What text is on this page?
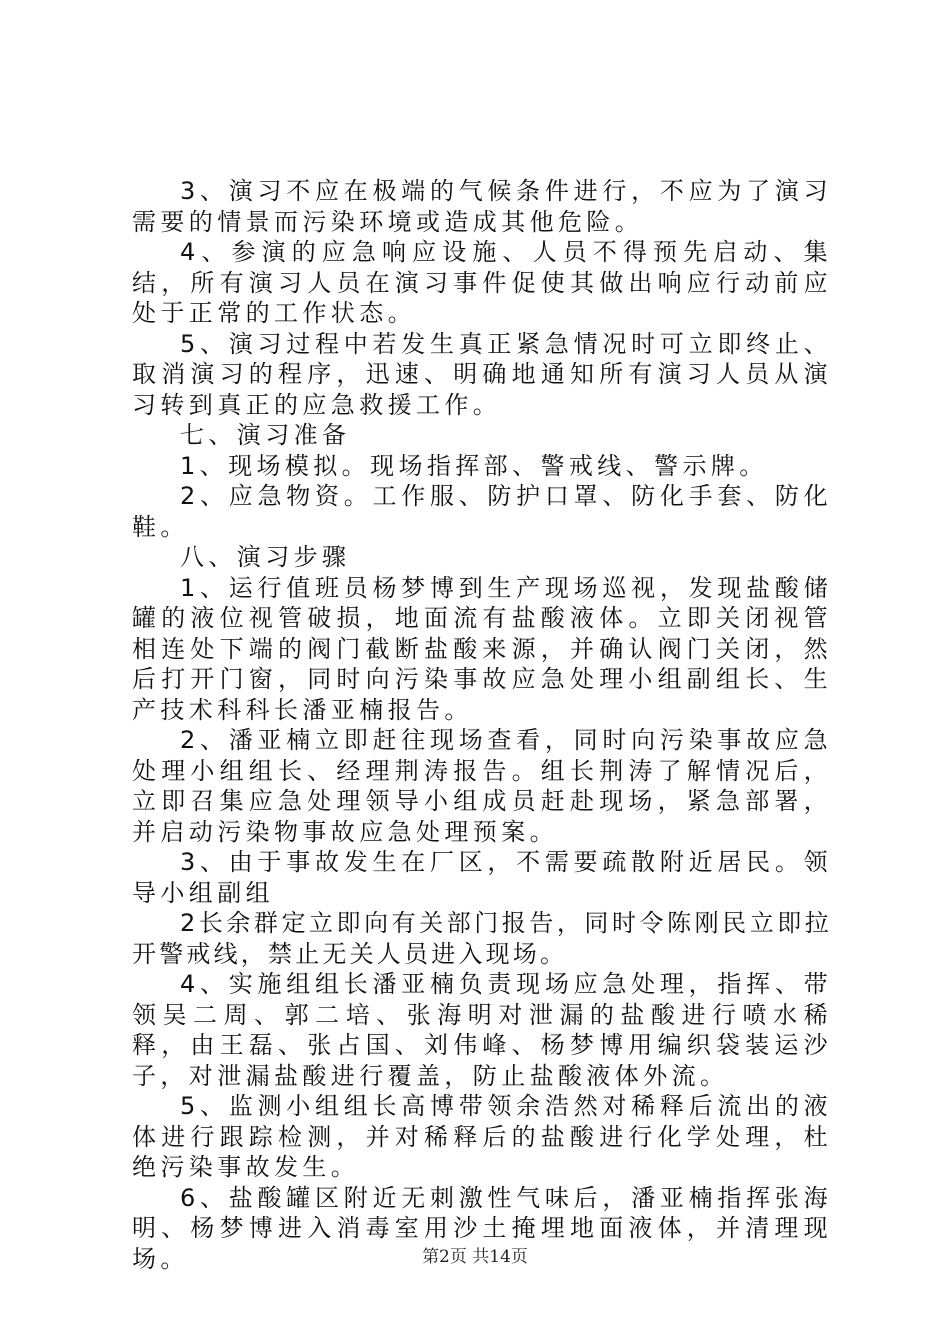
3、演习不应在极端的气候条件进行，不应为了演习需要的情景而污染环境或造成其他危险。

4、参演的应急响应设施、人员不得预先启动、集结，所有演习人员在演习事件促使其做出响应行动前应处于正常的工作状态。

5、演习过程中若发生真正紧急情况时可立即终止、取消演习的程序，迅速、明确地通知所有演习人员从演习转到真正的应急救援工作。

七、演习准备

1、现场模拟。现场指挥部、警戒线、警示牌。

2、应急物资。工作服、防护口罩、防化手套、防化鞋。

八、演习步骤

1、运行值班员杨梦博到生产现场巡视，发现盐酸储罐的液位视管破损，地面流有盐酸液体。立即关闭视管相连处下端的阀门截断盐酸来源，并确认阀门关闭，然后打开门窗，同时向污染事故应急处理小组副组长、生产技术科科长潘亚楠报告。

2、潘亚楠立即赶往现场查看，同时向污染事故应急处理小组组长、经理荆涛报告。组长荆涛了解情况后，立即召集应急处理领导小组成员赶赴现场，紧急部署，并启动污染物事故应急处理预案。

3、由于事故发生在厂区，不需要疏散附近居民。领导小组副组

2长余群定立即向有关部门报告，同时令陈刚民立即拉开警戒线，禁止无关人员进入现场。

4、实施组组长潘亚楠负责现场应急处理，指挥、带领吴二周、郭二培、张海明对泄漏的盐酸进行喷水稀释，由王磊、张占国、刘伟峰、杨梦博用编织袋装运沙子，对泄漏盐酸进行覆盖，防止盐酸液体外流。

5、监测小组组长高博带领余浩然对稀释后流出的液体进行跟踪检测，并对稀释后的盐酸进行化学处理，杜绝污染事故发生。

6、盐酸罐区附近无刺激性气味后，潘亚楠指挥张海明、杨梦博进入消毒室用沙土掩埋地面液体，并清理现场。	第2页 共14页
